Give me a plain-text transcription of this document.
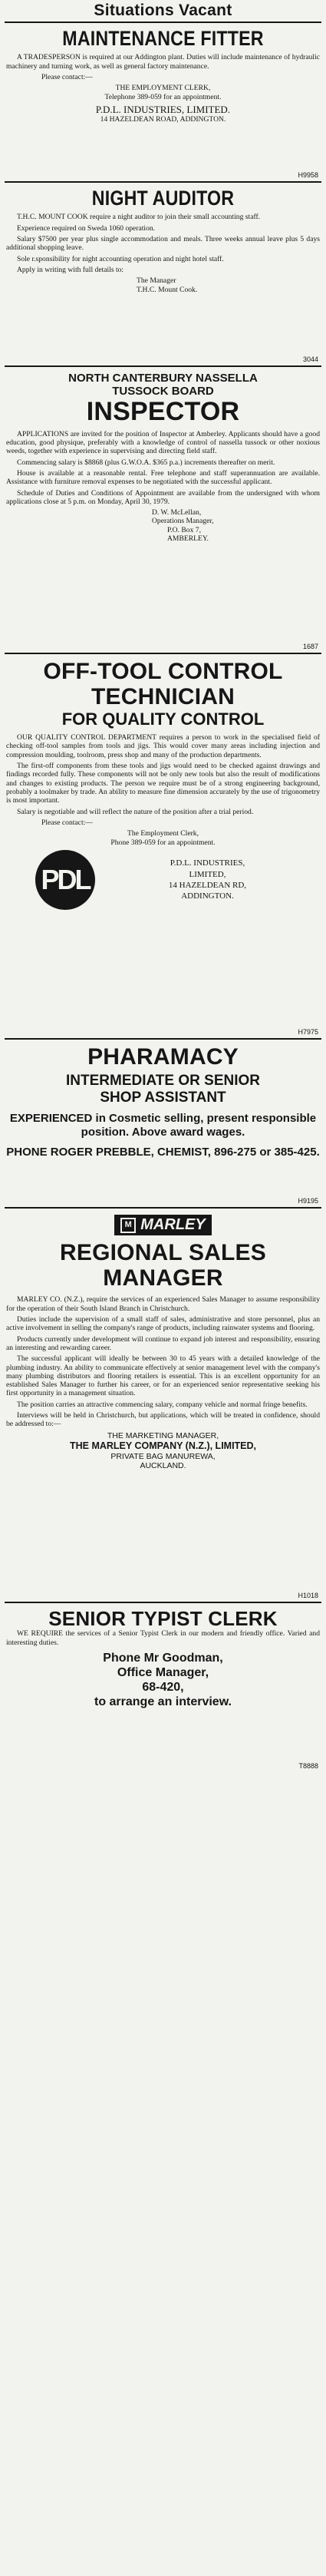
Situations Vacant
MAINTENANCE FITTER

A TRADESPERSON is required at our Addington plant. Duties will include maintenance of hydraulic machinery and turning work, as well as general factory maintenance.

Please contact:—

THE EMPLOYMENT CLERK,
Telephone 389-059 for an appointment.
P.D.L. INDUSTRIES, LIMITED.
14 HAZELDEAN ROAD, ADDINGTON.
H9958
NIGHT AUDITOR

T.H.C. MOUNT COOK require a night auditor to join their small accounting staff.

Experience required on Sweda 1060 operation.

Salary $7500 per year plus single accommodation and meals. Three weeks annual leave plus 5 days additional shopping leave.

Sole r.sponsibility for night accounting operation and night hotel staff.

Apply in writing with full details to:

The Manager
T.H.C. Mount Cook.
3044
NORTH CANTERBURY NASSELLA
TUSSOCK BOARD
INSPECTOR

APPLICATIONS are invited for the position of Inspector at Amberley. Applicants should have a good education, good physique, preferably with a knowledge of control of nassella tussock or other noxious weeds, together with experience in supervising and directing field staff.

Commencing salary is $8868 (plus G.W.O.A. $365 p.a.) increments thereafter on merit.

House is available at a reasonable rental. Free telephone and staff superannuation are available. Assistance with furniture removal expenses to be negotiated with the successful applicant.

Schedule of Duties and Conditions of Appointment are available from the undersigned with whom applications close at 5 p.m. on Monday, April 30, 1979.

D. W. McLellan,
Operations Manager,
P.O. Box 7,
AMBERLEY.
1687
OFF-TOOL CONTROL
TECHNICIAN
FOR QUALITY CONTROL

OUR QUALITY CONTROL DEPARTMENT requires a person to work in the specialised field of checking off-tool samples from tools and jigs. This would cover many areas including injection and compression moulding, toolroom, press shop and many of the production departments.

The first-off components from these tools and jigs would need to be checked against drawings and findings recorded fully. These components will not be only new tools but also the result of modifications and changes to existing products. The person we require must be of a strong engineering background, probably a toolmaker by trade. An ability to measure fine dimension accurately by the use of trigonometry is most important.

Salary is negotiable and will reflect the nature of the position after a trial period.

Please contact:—

The Employment Clerk,
Phone 389-059 for an appointment.
PDL
P.D.L. INDUSTRIES,
LIMITED,
14 HAZELDEAN RD,
ADDINGTON.
H7975
PHARAMACY
INTERMEDIATE OR SENIOR
SHOP ASSISTANT
EXPERIENCED in Cosmetic selling, present responsible position. Above award wages.
PHONE ROGER PREBBLE, CHEMIST, 896-275 or 385-425.
H9195
M MARLEY
REGIONAL SALES
MANAGER

MARLEY CO. (N.Z.), require the services of an experienced Sales Manager to assume responsibility for the operation of their South Island Branch in Christchurch.

Duties include the supervision of a small staff of sales, administrative and store personnel, plus an active involvement in selling the company's range of products, including rainwater systems and flooring.

Products currently under development will continue to expand job interest and responsibility, ensuring an interesting and rewarding career.

The successful applicant will ideally be between 30 to 45 years with a detailed knowledge of the plumbing industry. An ability to communicate effectively at senior management level with the company's many plumbing distributors and flooring retailers is essential. This is an excellent opportunity for an established Sales Manager to further his career, or for an experienced senior representative seeking his first opportunity in a management situation.

The position carries an attractive commencing salary, company vehicle and normal fringe benefits.

Interviews will be held in Christchurch, but applications, which will be treated in confidence, should be addressed to:—

THE MARKETING MANAGER,
THE MARLEY COMPANY (N.Z.), LIMITED,
PRIVATE BAG MANUREWA,
AUCKLAND.
H1018
SENIOR TYPIST CLERK

WE REQUIRE the services of a Senior Typist Clerk in our modern and friendly office. Varied and interesting duties.

Phone Mr Goodman,
Office Manager,
68-420,
to arrange an interview.
T8888
